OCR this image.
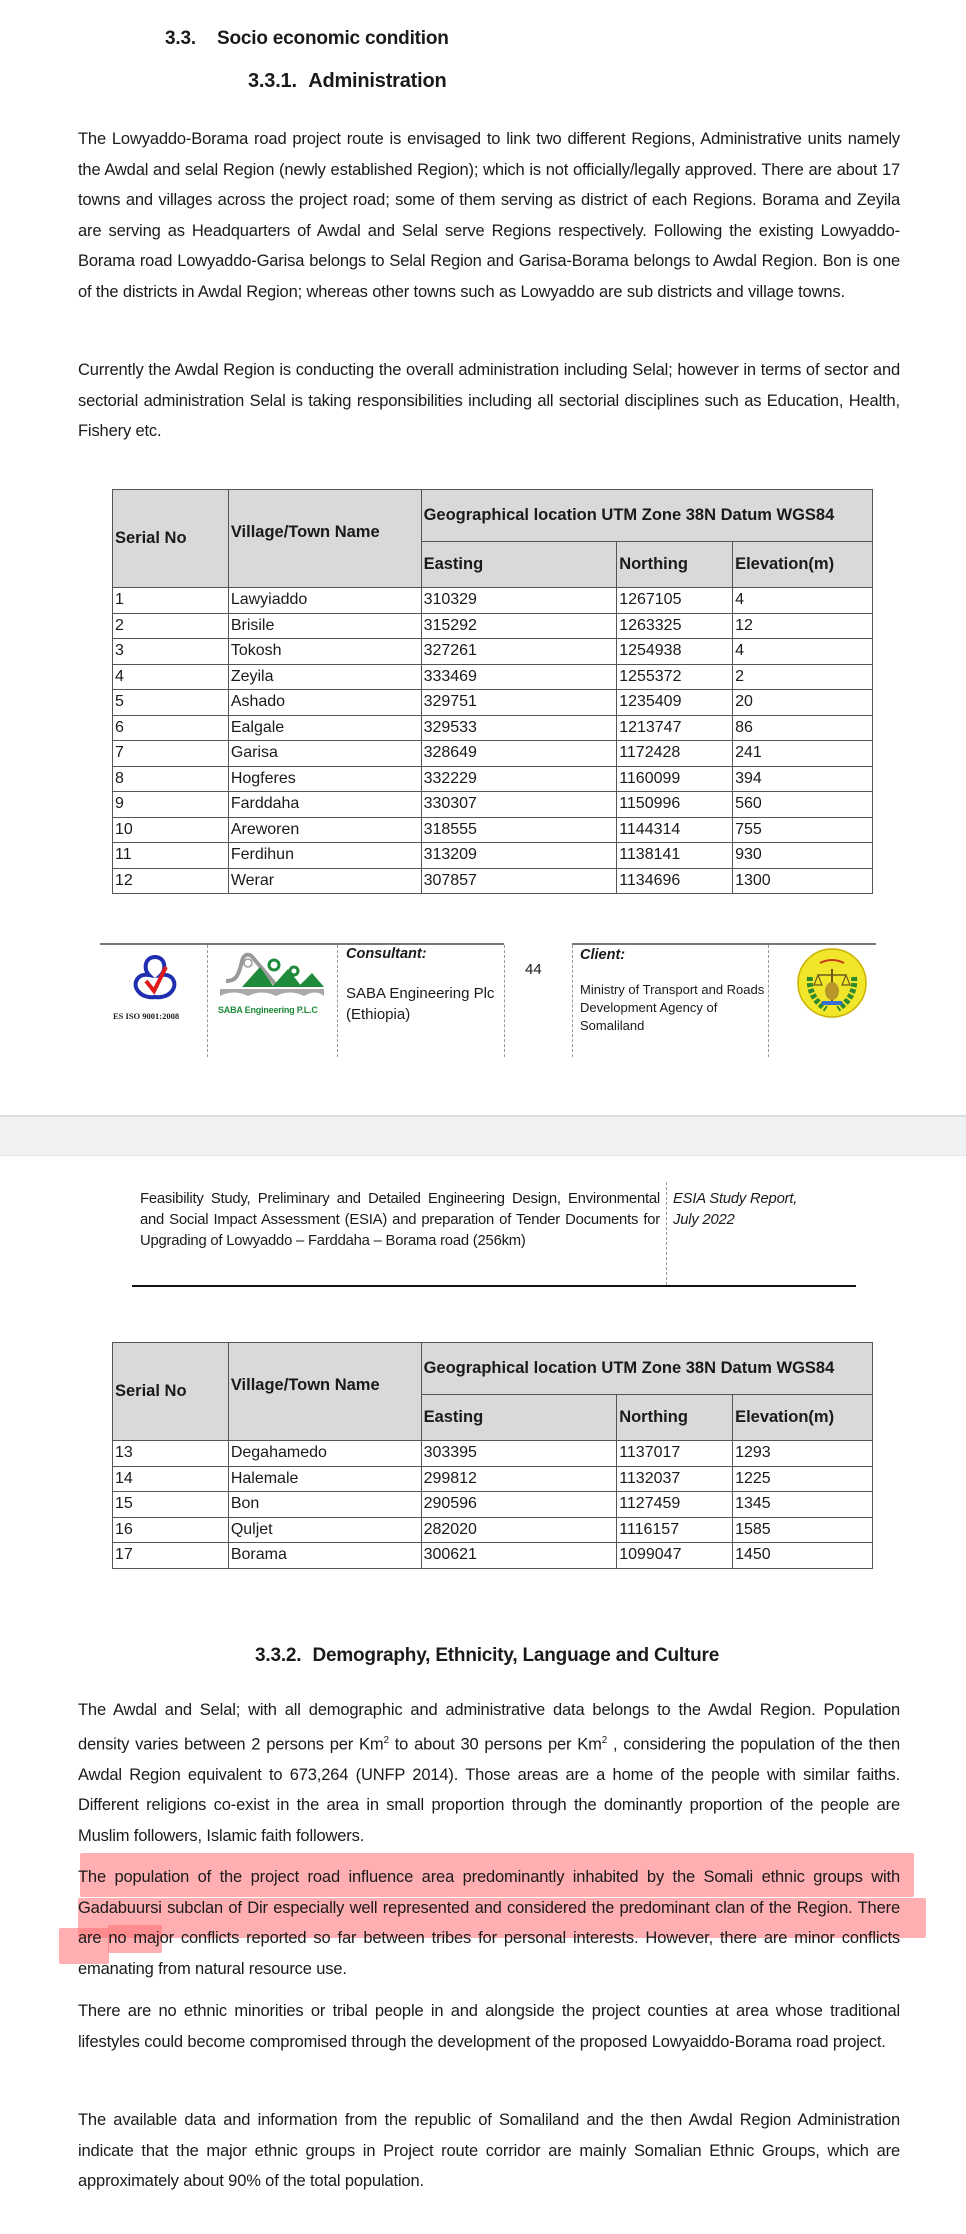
3.3. Socio economic condition
3.3.1. Administration
The Lowyaddo-Borama road project route is envisaged to link two different Regions, Administrative units namely the Awdal and selal Region (newly established Region); which is not officially/legally approved. There are about 17 towns and villages across the project road; some of them serving as district of each Regions. Borama and Zeyila are serving as Headquarters of Awdal and Selal serve Regions respectively. Following the existing Lowyaddo-Borama road Lowyaddo-Garisa belongs to Selal Region and Garisa-Borama belongs to Awdal Region. Bon is one of the districts in Awdal Region; whereas other towns such as Lowyaddo are sub districts and village towns.
Currently the Awdal Region is conducting the overall administration including Selal; however in terms of sector and sectorial administration Selal is taking responsibilities including all sectorial disciplines such as Education, Health, Fishery etc.
Serial No	Village/Town Name	Geographical location UTM Zone 38N Datum WGS84		
		Easting	Northing	Elevation(m)
1	Lawyiaddo	310329	1267105	4
2	Brisile	315292	1263325	12
3	Tokosh	327261	1254938	4
4	Zeyila	333469	1255372	2
5	Ashado	329751	1235409	20
6	Ealgale	329533	1213747	86
7	Garisa	328649	1172428	241
8	Hogferes	332229	1160099	394
9	Farddaha	330307	1150996	560
10	Areworen	318555	1144314	755
11	Ferdihun	313209	1138141	930
12	Werar	307857	1134696	1300
ES ISO 9001:2008
SABA Engineering P.L.C
Consultant:
SABA Engineering Plc (Ethiopia)
44
Client:
Ministry of Transport and Roads Development Agency of Somaliland
Feasibility Study, Preliminary and Detailed Engineering Design, Environmental and Social Impact Assessment (ESIA) and preparation of Tender Documents for Upgrading of Lowyaddo – Farddaha – Borama road (256km)
ESIA Study Report,
July 2022
Serial No	Village/Town Name	Geographical location UTM Zone 38N Datum WGS84		
		Easting	Northing	Elevation(m)
13	Degahamedo	303395	1137017	1293
14	Halemale	299812	1132037	1225
15	Bon	290596	1127459	1345
16	Quljet	282020	1116157	1585
17	Borama	300621	1099047	1450
3.3.2. Demography, Ethnicity, Language and Culture
The Awdal and Selal; with all demographic and administrative data belongs to the Awdal Region. Population density varies between 2 persons per Km$^2$ to about 30 persons per Km$^2$ , considering the population of the then Awdal Region equivalent to 673,264 (UNFP 2014). Those areas are a home of the people with similar faiths. Different religions co-exist in the area in small proportion through the dominantly proportion of the people are Muslim followers, Islamic faith followers.
The population of the project road influence area predominantly inhabited by the Somali ethnic groups with Gadabuursi subclan of Dir especially well represented and considered the predominant clan of the Region. There are no major conflicts reported so far between tribes for personal interests. However, there are minor conflicts emanating from natural resource use.
There are no ethnic minorities or tribal people in and alongside the project counties at area whose traditional lifestyles could become compromised through the development of the proposed Lowyaiddo-Borama road project.
The available data and information from the republic of Somaliland and the then Awdal Region Administration indicate that the major ethnic groups in Project route corridor are mainly Somalian Ethnic Groups, which are approximately about 90% of the total population.
